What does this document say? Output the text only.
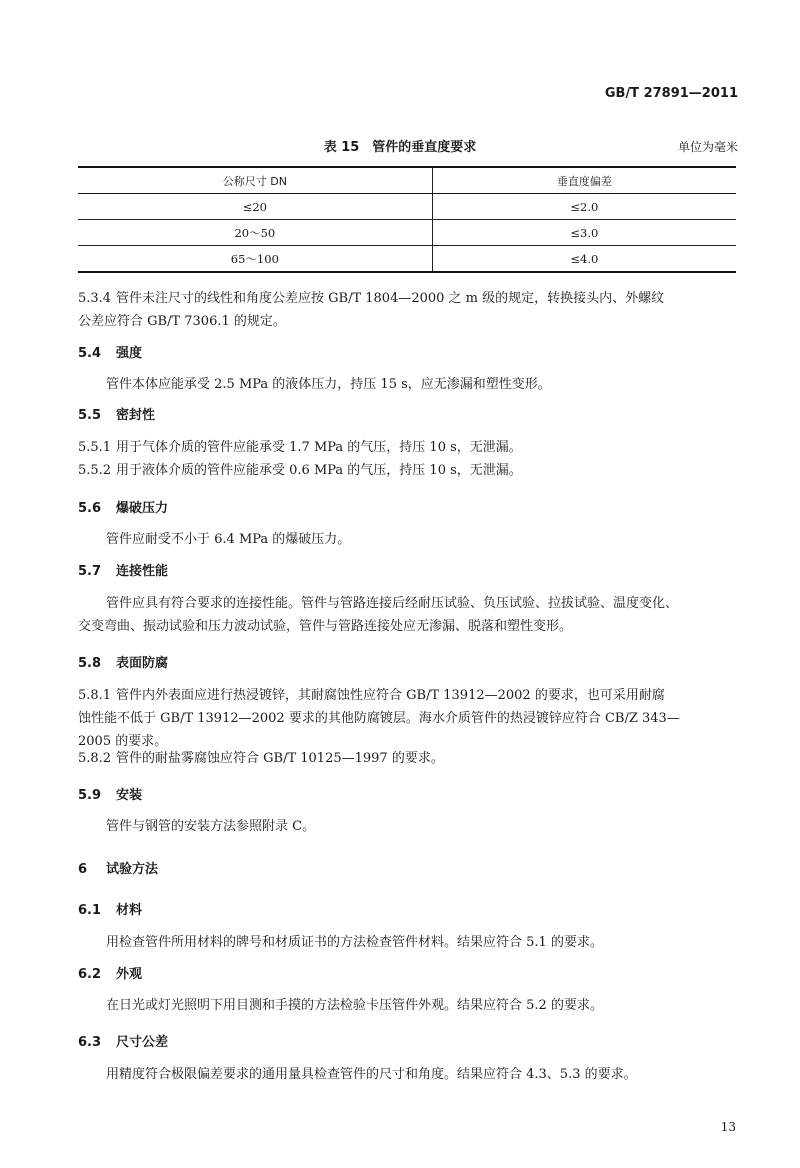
GB/T 27891—2011
表 15　管件的垂直度要求	单位为毫米
公称尺寸 DN	垂直度偏差
≤20	≤2.0
20～50	≤3.0
65～100	≤4.0
5.3.4 管件未注尺寸的线性和角度公差应按 GB/T 1804—2000 之 m 级的规定，转换接头内、外螺纹
公差应符合 GB/T 7306.1 的规定。
5.4 强度
管件本体应能承受 2.5 MPa 的液体压力，持压 15 s，应无渗漏和塑性变形。
5.5 密封性
5.5.1 用于气体介质的管件应能承受 1.7 MPa 的气压，持压 10 s，无泄漏。
5.5.2 用于液体介质的管件应能承受 0.6 MPa 的气压，持压 10 s，无泄漏。
5.6 爆破压力
管件应耐受不小于 6.4 MPa 的爆破压力。
5.7 连接性能
管件应具有符合要求的连接性能。管件与管路连接后经耐压试验、负压试验、拉拔试验、温度变化、
交变弯曲、振动试验和压力波动试验，管件与管路连接处应无渗漏、脱落和塑性变形。
5.8 表面防腐
5.8.1 管件内外表面应进行热浸镀锌，其耐腐蚀性应符合 GB/T 13912—2002 的要求，也可采用耐腐
蚀性能不低于 GB/T 13912—2002 要求的其他防腐镀层。海水介质管件的热浸镀锌应符合 CB/Z 343—
2005 的要求。
5.8.2 管件的耐盐雾腐蚀应符合 GB/T 10125—1997 的要求。
5.9 安装
管件与钢管的安装方法参照附录 C。
6 试验方法
6.1 材料
用检查管件所用材料的牌号和材质证书的方法检查管件材料。结果应符合 5.1 的要求。
6.2 外观
在日光或灯光照明下用目测和手摸的方法检验卡压管件外观。结果应符合 5.2 的要求。
6.3 尺寸公差
用精度符合极限偏差要求的通用量具检查管件的尺寸和角度。结果应符合 4.3、5.3 的要求。
13
